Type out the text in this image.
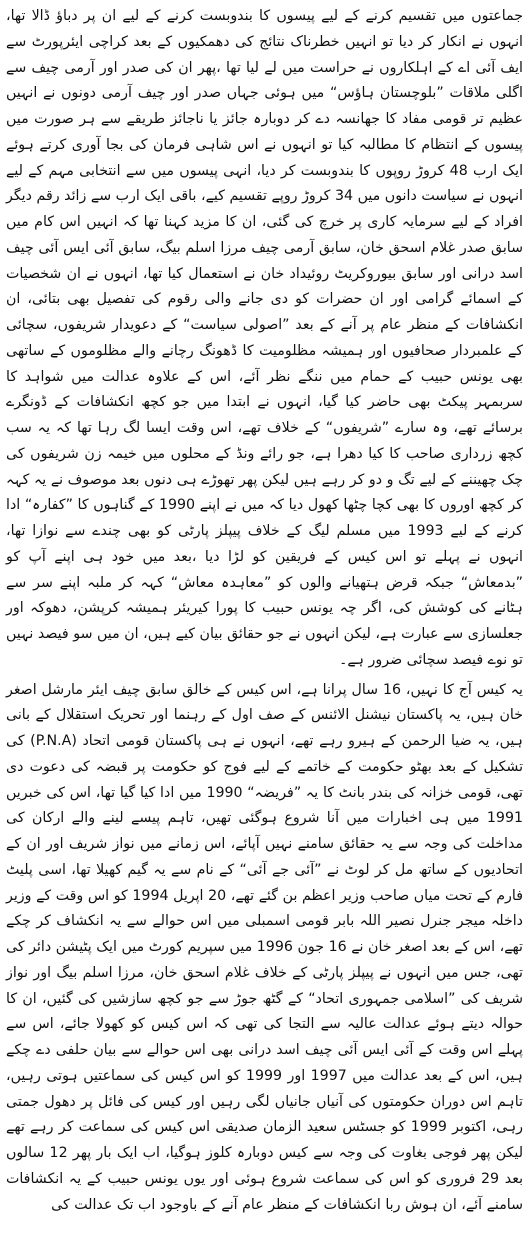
جماعتوں میں تقسیم کرنے کے لیے پیسوں کا بندوبست کرنے کے لیے ان پر دباؤ ڈالا تھا، انہوں نے انکار کر دیا تو انہیں خطرناک نتائج کی دھمکیوں کے بعد کراچی ایئرپورٹ سے ایف آئی اے کے اہلکاروں نے حراست میں لے لیا تھا ،پھر ان کی صدر اور آرمی چیف سے اگلی ملاقات ”بلوچستان ہاؤس“ میں ہوئی جہاں صدر اور چیف آرمی دونوں نے انہیں عظیم تر قومی مفاد کا جھانسہ دے کر دوبارہ جائز یا ناجائز طریقے سے ہر صورت میں پیسوں کے انتظام کا مطالبہ کیا تو انہوں نے اس شاہی فرمان کی بجا آوری کرتے ہوئے ایک ارب 48 کروڑ روپوں کا بندوبست کر دیا، انہی پیسوں میں سے انتخابی مہم کے لیے انہوں نے سیاست دانوں میں 34 کروڑ روپے تقسیم کیے، باقی ایک ارب سے زائد رقم دیگر افراد کے لیے سرمایہ کاری پر خرچ کی گئی، ان کا مزید کہنا تھا کہ انہیں اس کام میں سابق صدر غلام اسحق خان، سابق آرمی چیف مرزا اسلم بیگ، سابق آئی ایس آئی چیف اسد درانی اور سابق بیوروکریٹ روئیداد خان نے استعمال کیا تھا، انہوں نے ان شخصیات کے اسمائے گرامی اور ان حضرات کو دی جانے والی رقوم کی تفصیل بھی بتائی، ان انکشافات کے منظر عام پر آنے کے بعد ”اصولی سیاست“ کے دعویدار شریفوں، سچائی کے علمبردار صحافیوں اور ہمیشہ مظلومیت کا ڈھونگ رچانے والے مظلوموں کے ساتھی بھی یونس حبیب کے حمام میں ننگے نظر آئے، اس کے علاوہ عدالت میں شواہد کا سربمہر پیکٹ بھی حاضر کیا گیا، انہوں نے ابتدا میں جو کچھ انکشافات کے ڈونگرے برسائے تھے، وہ سارے ”شریفوں“ کے خلاف تھے، اس وقت ایسا لگ رہا تھا کہ یہ سب کچھ زرداری صاحب کا کیا دھرا ہے، جو رائے ونڈ کے محلوں میں خیمہ زن شریفوں کی چک چھیننے کے لیے تگ و دو کر رہے ہیں لیکن پھر تھوڑے ہی دنوں بعد موصوف نے یہ کہہ کر کچھ اوروں کا بھی کچا چٹھا کھول دیا کہ میں نے اپنے 1990 کے گناہوں کا ”کفارہ“ ادا کرنے کے لیے 1993 میں مسلم لیگ کے خلاف پیپلز پارٹی کو بھی چندے سے نوازا تھا، انہوں نے پہلے تو اس کیس کے فریقین کو لڑا دیا ،بعد میں خود ہی اپنے آپ کو ”بدمعاش“ جبکہ قرض ہتھیانے والوں کو ”معاہدہ معاش“ کہہ کر ملبہ اپنے سر سے ہٹانے کی کوشش کی، اگر چہ یونس حبیب کا پورا کیریئر ہمیشہ کرپشن، دھوکہ اور جعلسازی سے عبارت ہے، لیکن انہوں نے جو حقائق بیان کیے ہیں، ان میں سو فیصد نہیں تو نوے فیصد سچائی ضرور ہے۔
یہ کیس آج کا نہیں، 16 سال پرانا ہے، اس کیس کے خالق سابق چیف ایئر مارشل اصغر خان ہیں، یہ پاکستان نیشنل الائنس کے صف اول کے رہنما اور تحریک استقلال کے بانی ہیں، یہ ضیا الرحمن کے ہیرو رہے تھے، انہوں نے ہی پاکستان قومی اتحاد (P.N.A) کی تشکیل کے بعد بھٹو حکومت کے خاتمے کے لیے فوج کو حکومت پر قبضہ کی دعوت دی تھی، قومی خزانہ کی بندر بانٹ کا یہ ”فریضہ“ 1990 میں ادا کیا گیا تھا، اس کی خبریں 1991 میں ہی اخبارات میں آنا شروع ہوگئی تھیں، تاہم پیسے لینے والے ارکان کی مداخلت کی وجہ سے یہ حقائق سامنے نہیں آپائے، اس زمانے میں نواز شریف اور ان کے اتحادیوں کے ساتھ مل کر لوٹ نے ”آئی جے آئی“ کے نام سے یہ گیم کھیلا تھا، اسی پلیٹ فارم کے تحت میاں صاحب وزیر اعظم بن گئے تھے، 20 اپریل 1994 کو اس وقت کے وزیر داخلہ میجر جنرل نصیر اللہ بابر قومی اسمبلی میں اس حوالے سے یہ انکشاف کر چکے تھے، اس کے بعد اصغر خان نے 16 جون 1996 میں سپریم کورٹ میں ایک پٹیشن دائر کی تھی، جس میں انہوں نے پیپلز پارٹی کے خلاف غلام اسحق خان، مرزا اسلم بیگ اور نواز شریف کی ”اسلامی جمہوری اتحاد“ کے گٹھ جوڑ سے جو کچھ سازشیں کی گئیں، ان کا حوالہ دیتے ہوئے عدالت عالیہ سے التجا کی تھی کہ اس کیس کو کھولا جائے، اس سے پہلے اس وقت کے آئی ایس آئی چیف اسد درانی بھی اس حوالے سے بیان حلفی دے چکے ہیں، اس کے بعد عدالت میں 1997 اور 1999 کو اس کیس کی سماعتیں ہوتی رہیں، تاہم اس دوران حکومتوں کی آنیاں جانیاں لگی رہیں اور کیس کی فائل پر دھول جمتی رہی، اکتوبر 1999 کو جسٹس سعید الزمان صدیقی اس کیس کی سماعت کر رہے تھے لیکن پھر فوجی بغاوت کی وجہ سے کیس دوبارہ کلوز ہوگیا، اب ایک بار پھر 12 سالوں بعد 29 فروری کو اس کی سماعت شروع ہوئی اور یوں یونس حبیب کے یہ انکشافات سامنے آئے، ان ہوش ربا انکشافات کے منظر عام آنے کے باوجود اب تک عدالت کی
